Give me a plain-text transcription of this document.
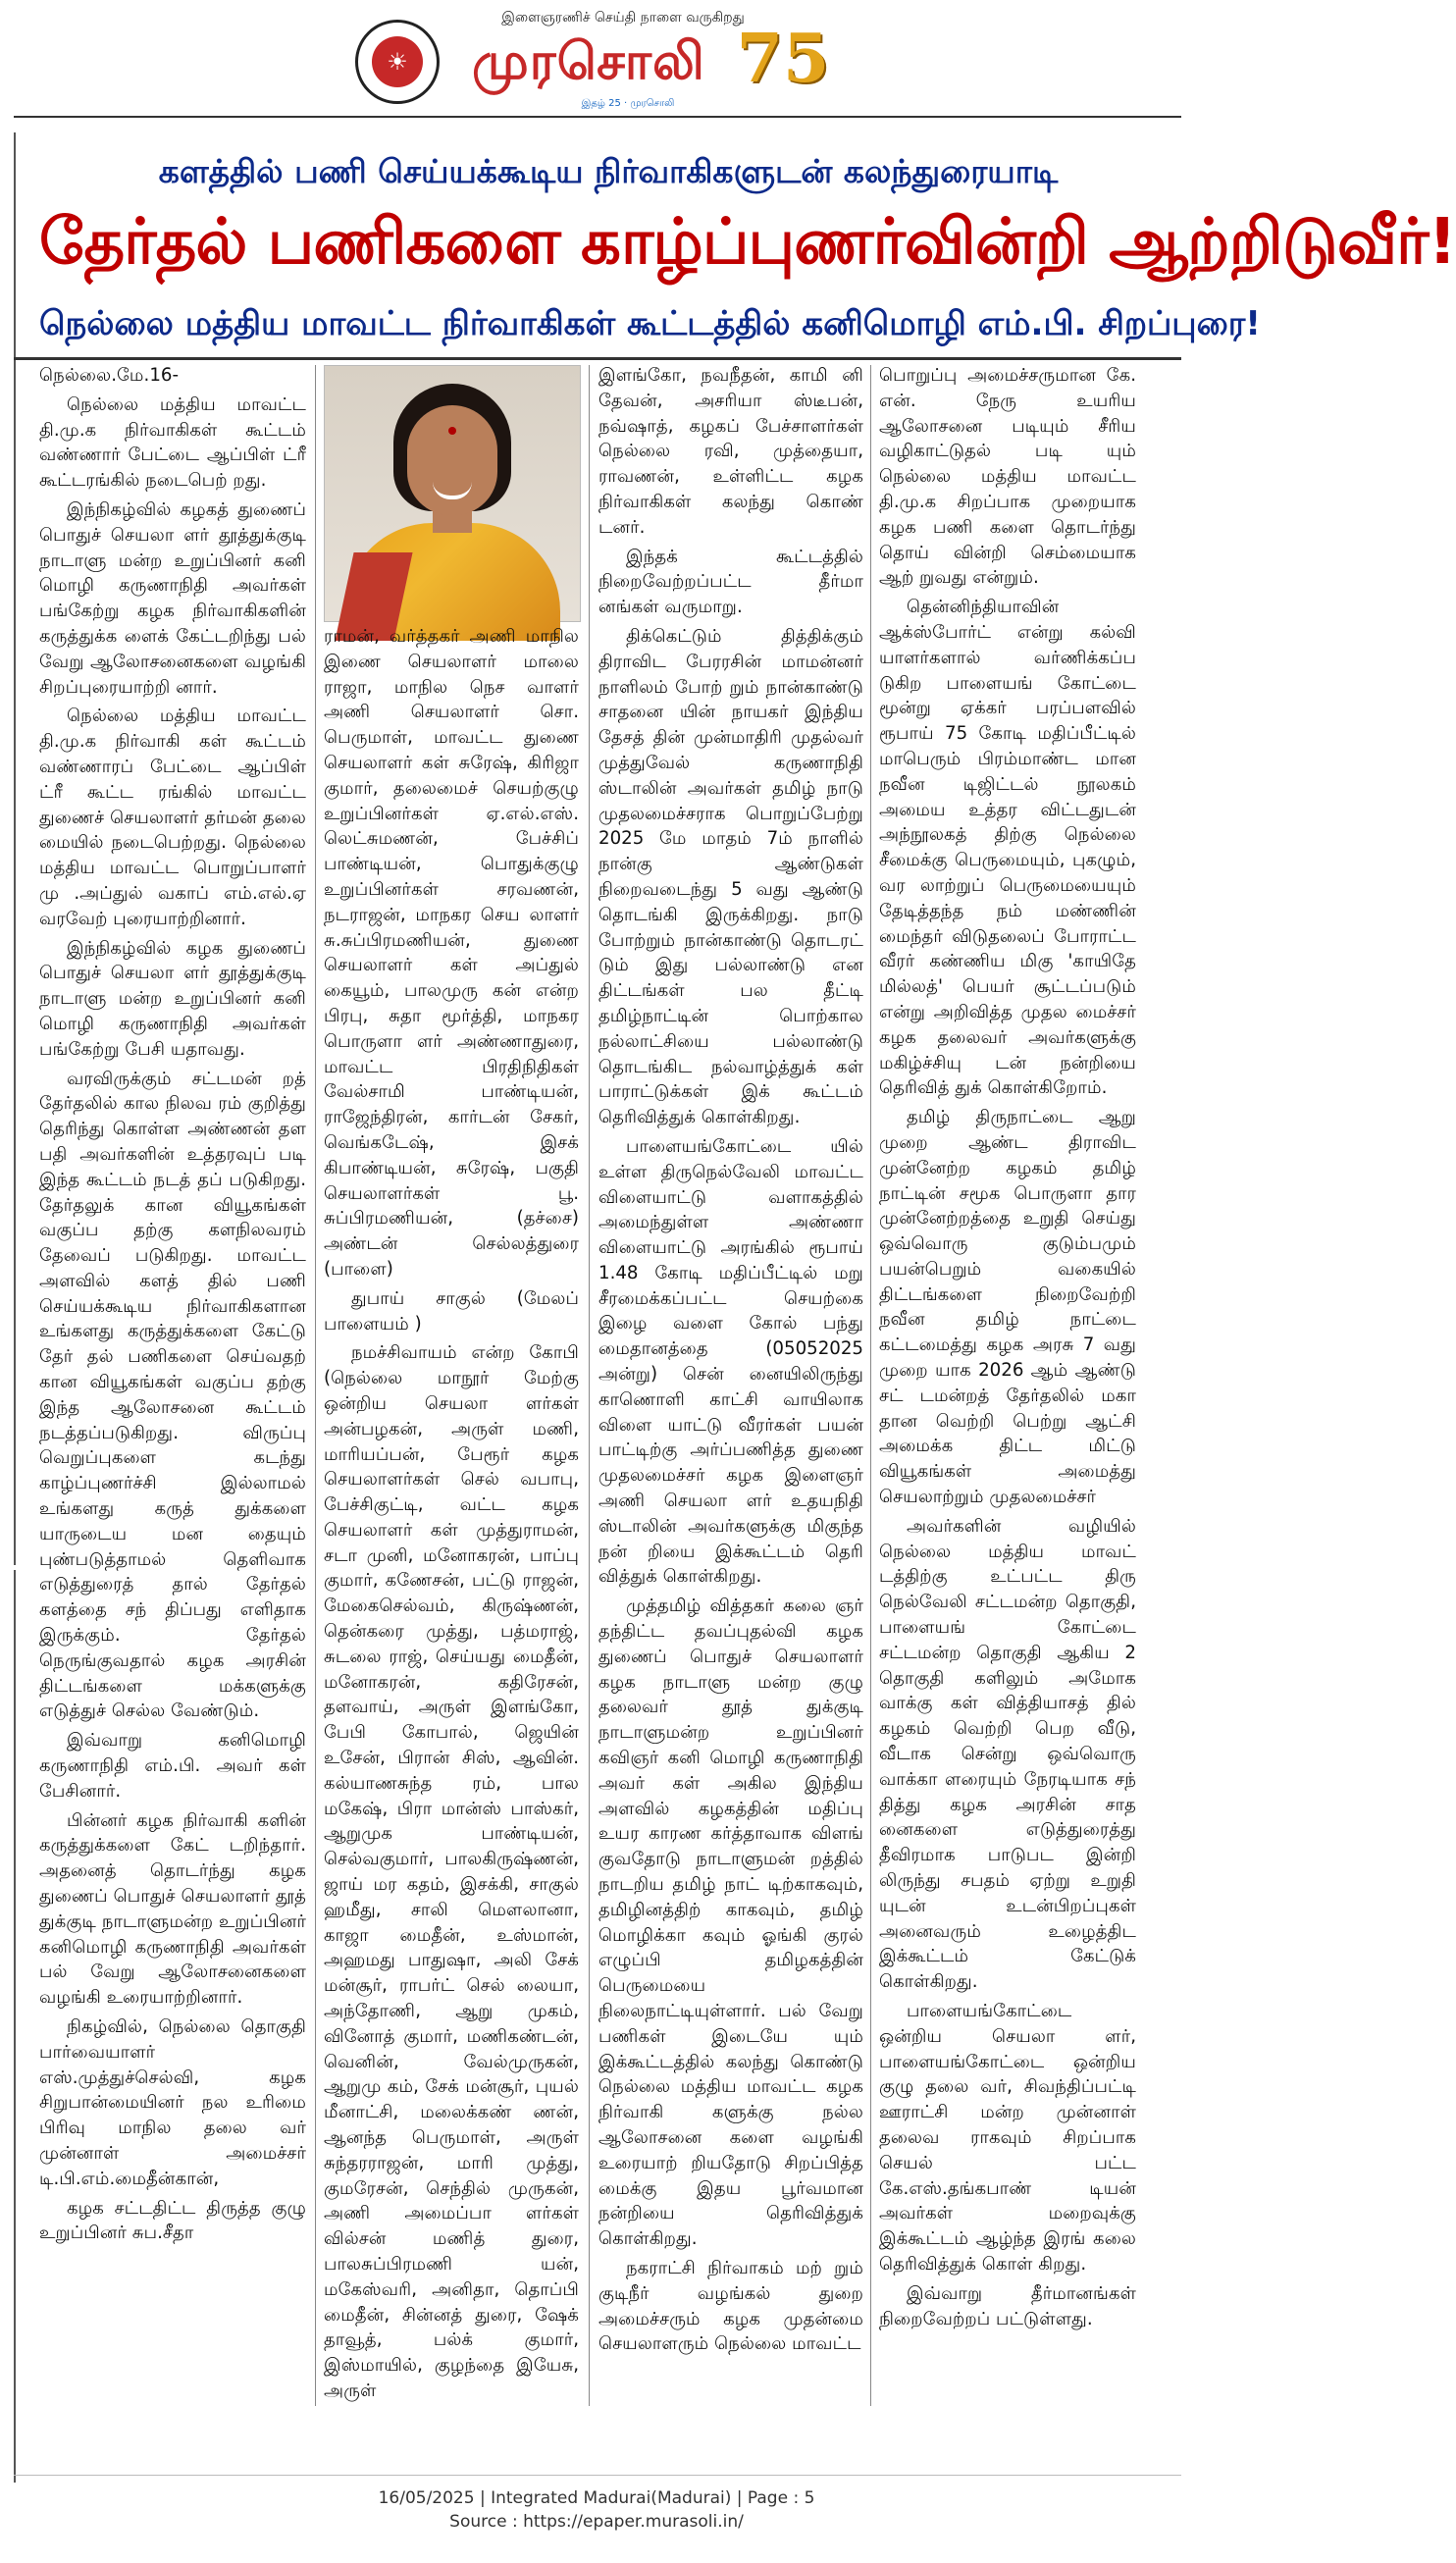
☀
இளைஞரணிச் செய்தி நாளை வருகிறது
முரசொலி
இதழ் 25 · முரசொலி
75
களத்தில் பணி செய்யக்கூடிய நிர்வாகிகளுடன் கலந்துரையாடி
தேர்தல் பணிகளை காழ்ப்புணர்வின்றி ஆற்றிடுவீர்!
நெல்லை மத்திய மாவட்ட நிர்வாகிகள் கூட்டத்தில் கனிமொழி எம்.பி. சிறப்புரை!

நெல்லை.மே.16-

நெல்லை மத்திய மாவட்ட தி.மு.க நிர்வாகிகள் கூட்டம் வண்ணார் பேட்டை ஆப்பிள் ட்ரீ கூட்டரங்கில் நடைபெற் றது.

இந்நிகழ்வில் கழகத் துணைப் பொதுச் செயலா ளர் தூத்துக்குடி நாடாளு மன்ற உறுப்பினர் கனி மொழி கருணாநிதி அவர்கள் பங்கேற்று கழக நிர்வாகிகளின் கருத்துக்க ளைக் கேட்டறிந்து பல் வேறு ஆலோசனைகளை வழங்கி சிறப்புரையாற்றி னார்.

நெல்லை மத்திய மாவட்ட தி.மு.க நிர்வாகி கள் கூட்டம் வண்ணாரப் பேட்டை ஆப்பிள் ட்ரீ கூட்ட ரங்கில் மாவட்ட துணைச் செயலாளர் தர்மன் தலை மையில் நடைபெற்றது. நெல்லை மத்திய மாவட்ட பொறுப்பாளர் மு .அப்துல் வகாப் எம்.எல்.ஏ வரவேற் புரையாற்றினார்.

இந்நிகழ்வில் கழக துணைப் பொதுச் செயலா ளர் தூத்துக்குடி நாடாளு மன்ற உறுப்பினர் கனி மொழி கருணாநிதி அவர்கள் பங்கேற்று பேசி யதாவது.

வரவிருக்கும் சட்டமன் றத் தேர்தலில் கால நிலவ ரம் குறித்து தெரிந்து கொள்ள அண்ணன் தள பதி அவர்களின் உத்தரவுப் படி இந்த கூட்டம் நடத் தப் படுகிறது. தேர்தலுக் கான வியூகங்கள் வகுப்ப தற்கு களநிலவரம் தேவைப் படுகிறது. மாவட்ட அளவில் களத் தில் பணி செய்யக்கூடிய நிர்வாகிகளான உங்களது கருத்துக்களை கேட்டு தேர் தல் பணிகளை செய்வதற் கான வியூகங்கள் வகுப்ப தற்கு இந்த ஆலோசனை கூட்டம் நடத்தப்படுகிறது. விருப்பு வெறுப்புகளை கடந்து காழ்ப்புணர்ச்சி இல்லாமல் உங்களது கருத் துக்களை யாருடைய மன தையும் புண்படுத்தாமல் தெளிவாக எடுத்துரைத் தால் தேர்தல் களத்தை சந் திப்பது எளிதாக இருக்கும். தேர்தல் நெருங்குவதால் கழக அரசின் திட்டங்களை மக்களுக்கு எடுத்துச் செல்ல வேண்டும்.

இவ்வாறு கனிமொழி கருணாநிதி எம்.பி. அவர் கள் பேசினார்.

பின்னர் கழக நிர்வாகி களின் கருத்துக்களை கேட் டறிந்தார். அதனைத் தொடர்ந்து கழக துணைப் பொதுச் செயலாளர் தூத் துக்குடி நாடாளுமன்ற உறுப்பினர் கனிமொழி கருணாநிதி அவர்கள் பல் வேறு ஆலோசனைகளை வழங்கி உரையாற்றினார்.

நிகழ்வில், நெல்லை தொகுதி பார்வையாளர் எஸ்.முத்துச்செல்வி, கழக சிறுபான்மையினர் நல உரிமை பிரிவு மாநில தலை வர் முன்னாள் அமைச்சர் டி.பி.எம்.மைதீன்கான்,

கழக சட்டதிட்ட திருத்த குழு உறுப்பினர் சுப.சீதா

ராமன், வர்த்தகர் அணி மாநில இணை செயலாளர் மாலை ராஜா, மாநில நெச வாளர் அணி செயலாளர் சொ. பெருமாள், மாவட்ட துணை செயலாளர் கள் சுரேஷ், கிரிஜா குமார், தலைமைச் செயற்குழு உறுப்பினர்கள் ஏ.எல்.எஸ். லெட்சுமணன், பேச்சிப் பாண்டியன், பொதுக்குழு உறுப்பினர்கள் சரவணன், நடராஜன், மாநகர செய லாளர் சு.சுப்பிரமணியன், துணை செயலாளர் கள் அப்துல் கையூம், பாலமுரு கன் என்ற பிரபு, சுதா மூர்த்தி, மாநகர பொருளா ளர் அண்ணாதுரை, மாவட்ட பிரதிநிதிகள் வேல்சாமி பாண்டியன், ராஜேந்திரன், கார்டன் சேகர், வெங்கடேஷ், இசக் கிபாண்டியன், சுரேஷ், பகுதி செயலாளர்கள் பூ. சுப்பிரமணியன், (தச்சை) அண்டன் செல்லத்துரை (பாளை)

துபாய் சாகுல் (மேலப் பாளையம் )

நமச்சிவாயம் என்ற கோபி (நெல்லை மாநூர் மேற்கு ஒன்றிய செயலா ளர்கள் அன்பழகன், அருள் மணி, மாரியப்பன், பேரூர் கழக செயலாளர்கள் செல் வபாபு, பேச்சிகுட்டி, வட்ட கழக செயலாளர் கள் முத்துராமன், சடா முனி, மனோகரன், பாப்பு குமார், கணேசன், பட்டு ராஜன், மேகைசெல்வம், கிருஷ்ணன், தென்கரை முத்து, பத்மராஜ், சுடலை ராஜ், செய்யது மைதீன், மனோகரன், கதிரேசன், தளவாய், அருள் இளங்கோ, பேபி கோபால், ஜெயின் உசேன், பிரான் சிஸ், ஆவின். கல்யாணசுந்த ரம், பால மகேஷ், பிரா மான்ஸ் பாஸ்கர், ஆறுமுக பாண்டியன், செல்வகுமார், பாலகிருஷ்ணன், ஜாய் மர கதம், இசக்கி, சாகுல் ஹமீது, சாலி மௌலானா, காஜா மைதீன், உஸ்மான், அஹமது பாதுஷா, அலி சேக் மன்சூர், ராபர்ட் செல் லையா, அந்தோணி, ஆறு முகம், வினோத் குமார், மணிகண்டன், வெனின், வேல்முருகன், ஆறுமு கம், சேக் மன்சூர், புயல் மீனாட்சி, மலைக்கண் ணன், ஆனந்த பெருமாள், அருள் சுந்தரராஜன், மாரி முத்து, குமரேசன், செந்தில் முருகன், அணி அமைப்பா ளர்கள் வில்சன் மணித் துரை, பாலசுப்பிரமணி யன், மகேஸ்வரி, அனிதா, தொப்பி மைதீன், சின்னத் துரை, ஷேக் தாவூத், பல்க் குமார், இஸ்மாயில், குழந்தை இயேசு, அருள்

இளங்கோ, நவநீதன், காமி னி தேவன், அசரியா ஸ்டீபன், நவ்ஷாத், கழகப் பேச்சாளர்கள் நெல்லை ரவி, முத்தையா, ராவணன், உள்ளிட்ட கழக நிர்வாகிகள் கலந்து கொண் டனர்.

இந்தக் கூட்டத்தில் நிறைவேற்றப்பட்ட தீர்மா னங்கள் வருமாறு.

திக்கெட்டும் தித்திக்கும் திராவிட பேரரசின் மாமன்னர் நாளிலம் போற் றும் நான்காண்டு சாதனை யின் நாயகர் இந்திய தேசத் தின் முன்மாதிரி முதல்வர் முத்துவேல் கருணாநிதி ஸ்டாலின் அவர்கள் தமிழ் நாடு முதலமைச்சராக பொறுப்பேற்று 2025 மே மாதம் 7ம் நாளில் நான்கு ஆண்டுகள் நிறைவடைந்து 5 வது ஆண்டு தொடங்கி இருக்கிறது. நாடு போற்றும் நான்காண்டு தொடரட் டும் இது பல்லாண்டு என திட்டங்கள் பல தீட்டி தமிழ்நாட்டின் பொற்கால நல்லாட்சியை பல்லாண்டு தொடங்கிட நல்வாழ்த்துக் கள் பாராட்டுக்கள் இக் கூட்டம் தெரிவித்துக் கொள்கிறது.

பாளையங்கோட்டை யில் உள்ள திருநெல்வேலி மாவட்ட விளையாட்டு வளாகத்தில் அமைந்துள்ள அண்ணா விளையாட்டு அரங்கில் ரூபாய் 1.48 கோடி மதிப்பீட்டில் மறு சீரமைக்கப்பட்ட செயற்கை இழை வளை கோல் பந்து மைதானத்தை (05052025 அன்று) சென் னையிலிருந்து காணொளி காட்சி வாயிலாக விளை யாட்டு வீரர்கள் பயன் பாட்டிற்கு அர்ப்பணித்த துணை முதலமைச்சர் கழக இளைஞர் அணி செயலா ளர் உதயநிதி ஸ்டாலின் அவர்களுக்கு மிகுந்த நன் றியை இக்கூட்டம் தெரி வித்துக் கொள்கிறது.

முத்தமிழ் வித்தகர் கலை ஞர் தந்திட்ட தவப்புதல்வி கழக துணைப் பொதுச் செயலாளர் கழக நாடாளு மன்ற குழு தலைவர் தூத் துக்குடி நாடாளுமன்ற உறுப்பினர் கவிஞர் கனி மொழி கருணாநிதி அவர் கள் அகில இந்திய அளவில் கழகத்தின் மதிப்பு உயர காரண கர்த்தாவாக விளங் குவதோடு நாடாளுமன் றத்தில் நாடறிய தமிழ் நாட் டிற்காகவும், தமிழினத்திற் காகவும், தமிழ் மொழிக்கா கவும் ஓங்கி குரல் எழுப்பி தமிழகத்தின் பெருமையை நிலைநாட்டியுள்ளார். பல் வேறு பணிகள் இடையே யும் இக்கூட்டத்தில் கலந்து கொண்டு நெல்லை மத்திய மாவட்ட கழக நிர்வாகி களுக்கு நல்ல ஆலோசனை களை வழங்கி உரையாற் றியதோடு சிறப்பித்த மைக்கு இதய பூர்வமான நன்றியை தெரிவித்துக் கொள்கிறது.

நகராட்சி நிர்வாகம் மற் றும் குடிநீர் வழங்கல் துறை அமைச்சரும் கழக முதன்மை செயலாளரும் நெல்லை மாவட்ட

பொறுப்பு அமைச்சருமான கே. என். நேரு உயரிய ஆலோசனை படியும் சீரிய வழிகாட்டுதல் படி யும் நெல்லை மத்திய மாவட்ட தி.மு.க சிறப்பாக முறையாக கழக பணி களை தொடர்ந்து தொய் வின்றி செம்மையாக ஆற் றுவது என்றும்.

தென்னிந்தியாவின் ஆக்ஸ்போர்ட் என்று கல்வி யாளர்களால் வர்ணிக்கப்ப டுகிற பாளையங் கோட்டை மூன்று ஏக்கர் பரப்பளவில் ரூபாய் 75 கோடி மதிப்பீட்டில் மாபெரும் பிரம்மாண்ட மான நவீன டிஜிட்டல் நூலகம் அமைய உத்தர விட்டதுடன் அந்நூலகத் திற்கு நெல்லை சீமைக்கு பெருமையும், புகழும், வர லாற்றுப் பெருமையையும் தேடித்தந்த நம் மண்ணின் மைந்தர் விடுதலைப் போராட்ட வீரர் கண்ணிய மிகு 'காயிதே மில்லத்' பெயர் சூட்டப்படும் என்று அறிவித்த முதல மைச்சர் கழக தலைவர் அவர்களுக்கு மகிழ்ச்சியு டன் நன்றியை தெரிவித் துக் கொள்கிறோம்.

தமிழ் திருநாட்டை ஆறு முறை ஆண்ட திராவிட முன்னேற்ற கழகம் தமிழ் நாட்டின் சமூக பொருளா தார முன்னேற்றத்தை உறுதி செய்து ஒவ்வொரு குடும்பமும் பயன்பெறும் வகையில் திட்டங்களை நிறைவேற்றி நவீன தமிழ் நாட்டை கட்டமைத்து கழக அரசு 7 வது முறை யாக 2026 ஆம் ஆண்டு சட் டமன்றத் தேர்தலில் மகா தான வெற்றி பெற்று ஆட்சி அமைக்க திட்ட மிட்டு வியூகங்கள் அமைத்து செயலாற்றும் முதலமைச்சர்

அவர்களின் வழியில் நெல்லை மத்திய மாவட் டத்திற்கு உட்பட்ட திரு நெல்வேலி சட்டமன்ற தொகுதி, பாளையங் கோட்டை சட்டமன்ற தொகுதி ஆகிய 2 தொகுதி களிலும் அமோக வாக்கு கள் வித்தியாசத் தில் கழகம் வெற்றி பெற வீடு, வீடாக சென்று ஒவ்வொரு வாக்கா ளரையும் நேரடியாக சந் தித்து கழக அரசின் சாத னைகளை எடுத்துரைத்து தீவிரமாக பாடுபட இன்றி லிருந்து சபதம் ஏற்று உறுதி யுடன் உடன்பிறப்புகள் அனைவரும் உழைத்திட இக்கூட்டம் கேட்டுக் கொள்கிறது.

பாளையங்கோட்டை ஒன்றிய செயலா ளர், பாளையங்கோட்டை ஒன்றிய குழு தலை வர், சிவந்திப்பட்டி ஊராட்சி மன்ற முன்னாள் தலைவ ராகவும் சிறப்பாக செயல் பட்ட கே.எஸ்.தங்கபாண் டியன் அவர்கள் மறைவுக்கு இக்கூட்டம் ஆழ்ந்த இரங் கலை தெரிவித்துக் கொள் கிறது.

இவ்வாறு தீர்மானங்கள் நிறைவேற்றப் பட்டுள்ளது.

16/05/2025 | Integrated Madurai(Madurai) | Page : 5
Source : https://epaper.murasoli.in/
